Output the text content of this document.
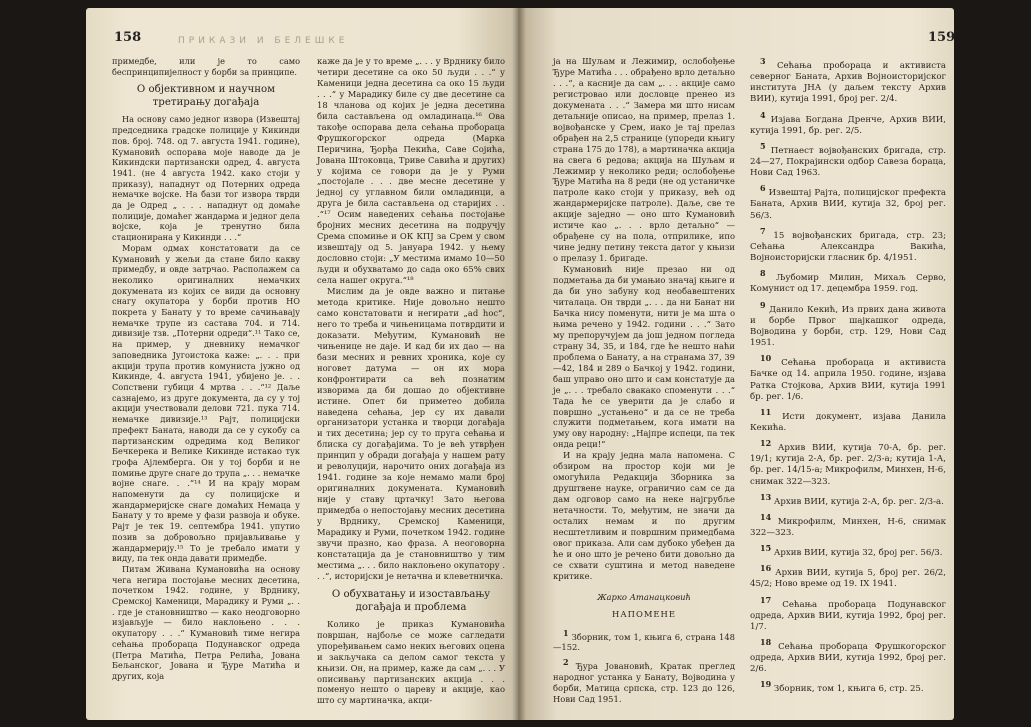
158	ПРИКАЗИ И БЕЛЕШКЕ	159

примедбе, или је то само беспринципијелност у борби за принципе.

О објективном и научном третирању догађаја

На основу само једног извора (Извештај председника градске полиције у Кикинди пов. број. 748. од 7. августа 1941. године), Кумановић оспорава моје наводе да је Кикиндски партизански одред, 4. августа 1941. (не 4 августа 1942. како стоји у приказу), нападнут од Потерних одреда немачке војске. На бази тог извора тврди да је Одред „ . . . нападнут од домаће полиције, домаћег жандарма и једног дела војске, која је тренутно била стационирана у Кикинди . . .“

Морам одмах констатовати да се Кумановић у жељи да стане било какву примедбу, и овде затрчао. Располажем са неколико оригиналних немачких докумената из којих се види да основну снагу окупатора у борби против НО покрета у Банату у то време сачињавају немачке трупе из састава 704. и 714. дивизије тзв. „Потерни одреди“.¹¹ Тако се, на пример, у дневнику немачког заповедника Југоистока каже: „. . . при акцији трупа против комуниста јужно од Кикинде, 4. августа 1941, убијено је. . . Сопствени губици 4 мртва . . .“¹² Даље сазнајемо, из друге документа, да су у тој акцији учествовали делови 721. пука 714. немачке дивизије.¹³ Рајт, полицијски префект Баната, наводи да се у сукобу са партизанским одредима код Великог Бечкерека и Велике Кикинде истакао тук грофа Ајлемберга. Он у тој борби и не помиње друге снаге до трупа „. . . немачке војне снаге. . .“¹⁴ И на крају морам напоменути да су полицијске и жандармеријске снаге домаћих Немаца у Банату у то време у фази развоја и обуке. Рајт је тек 19. септембра 1941. упутио позив за добровољно пријављивање у жандармерију.¹⁵ То је требало имати у виду, па тек онда давати примедбе.

Питам Живана Кумановића на основу чега негира постојање месних десетина, почетком 1942. године, у Врднику, Сремској Каменици, Марадику и Руми „. . . где је становништво — како неодговорно изјављује — било наклоњено . . . окупатору . . .“ Кумановић тиме негира сећања пробораца Подунавског одреда (Петра Матића, Петра Релића, Јована Бељанског, Јована и Ђуре Матића и других, која

каже да је у то време „. . . у Врднику било четири десетине са око 50 људи . . .“ у Каменици једна десетина са око 15 људи . . .“ у Марадику биле су две десетине са 18 чланова од којих је једна десетина била састављена од омладинаца.¹⁶ Ова такође оспорава дела сећања пробораца Фрушкогорског одреда (Марка Перичина, Ђорђа Пекића, Саве Сојића, Јована Штоковца, Триве Савића и других) у којима се говори да је у Руми „постојале . . . две месне десетине у једној су углавном били омладинци, а друга је била састављена од старијих . . .“¹⁷ Осим наведених сећања постојање бројних месних десетина на подручју Срема спомиње и ОК КПЈ за Срем у свом извештају од 5. јануара 1942. у њему дословно стоји: „У местима имамо 10—50 људи и обухватамо до сада око 65% свих села нашег округа.“¹⁸

Мислим да је овде важно и питање метода критике. Није довољно нешто само констатовати и негирати „ad hoc“, него то треба и чињеницама потврдити и доказати. Међутим, Кумановић не чињенице не даје. И кад би их дао — на бази месних и ревних хроника, које су ноговет датума — он их мора конфронтирати са већ познатим изворима да би дошао до објективне истине. Опет би приметео добила наведена сећања, јер су их давали организатори устанка и творци догађаја и тих десетина; јер су то пруга сећања и блиска су догађајима. То је већ утврђен принцип у обради догађаја у нашем рату и револуцији, нарочито оних догађаја из 1941. године за које немамо мали број оригиналних докумената. Кумановић није у ставу цртачку! Зато његова примедба о непостојању месних десетина у Врднику, Сремској Каменици, Марадику и Руми, почетком 1942. године звучи празно, као фраза. А неоговорна констатација да је становништво у тим местима „. . . било наклоњено окупатору . . .“, историјски је нетачна и клеветничка.

О обухватању и изостављању догађаја и проблема

Колико је приказ Кумановића површан, најбоље се може сагледати упоређивањем само неких његових оцена и закључака са делом самог текста у књизи. Он, на пример, каже да сам „. . . У описивању партизанских акција . . . поменуо нешто о цареву и акције, као што су мартиначка, акци-

ја на Шуљам и Лежимир, ослобођење Ђуре Матића . . . обрађено врло детаљно . . .“, а касније да сам „. . . акције само регистровао или дословце пренео из докумената . . .“ Замера ми што нисам детаљније описао, на пример, прелаз 1. војвођанске у Срем, иако је тај прелаз обрађен на 2,5 странице (упореди књигу страна 175 до 178), а мартиначка акција на свега 6 редова; акција на Шуљам и Лежимир у неколико реди; ослобођење Ђуре Матића на 8 реди (не од устаничке патроле како стоји у приказу, већ од жандармеријске патроле). Даље, све те акције заједно — оно што Кумановић истиче као „. . . врло детаљно“ — обрађене су на пола, отприлике, ипо чине једну петину текста датог у књизи о прелазу 1. бригаде.

Кумановић није презао ни од подметања да би умањио значај књиге и да би уно забуну код необавештених читалаца. Он тврди „. . . да ни Банат ни Бачка нису поменути, нити је ма шта о њима речено у 1942. години . . .“ Зато му препоручујем да још једном погледа страну 34, 35, и 184, где ће нешто наћи проблема о Банату, а на странама 37, 39—42, 184 и 289 о Бачкој у 1942. години, баш управо оно што и сам констатује да је „. . . требало свакако споменути . . .“ Тада ће се уверити да је слабо и површно „устањено“ и да се не треба служити подметањем, кога имати на уму ову народну: „Најпре испеци, па тек онда реци!“

И на крају једна мала напомена. С обзиром на простор који ми је омогућила Редакција Зборника за друштвене науке, ограничио сам се да дам одговор само на неке најгрубље нетачности. То, међутим, не значи да осталих немам и по другим несштетливим и површним примедбама овог приказа. Али сам дубоко убеђен да ће и оно што је речено бити довољно да се схвати суштина и метод наведене критике.

Жарко Атанацковић
НАПОМЕНЕ

1 Зборник, том 1, књига 6, страна 148—152.

2 Ђура Јовановић, Кратак преглед народног устанка у Банату, Војводина у борби, Матица српска, стр. 123 до 126, Нови Сад 1951.

3 Сећања пробораца и активиста северног Баната, Архив Војноисторијског института ЈНА (у даљем тексту Архив ВИИ), кутија 1991, број рег. 2/4.

4 Изјава Богдана Дренче, Архив ВИИ, кутија 1991, бр. рег. 2/5.

5 Петнаест војвођанских бригада, стр. 24—27, Покрајински одбор Савеза бораца, Нови Сад 1963.

6 Извештај Рајта, полицијског префекта Баната, Архив ВИИ, кутија 32, број рег. 56/3.

7 15 војвођанских бригада, стр. 23; Сећања Александра Вакића, Војноисторијски гласник бр. 4/1951.

8 Љубомир Милин, Михаљ Серво, Комунист од 17. децембра 1959. год.

9 Данило Кекић, Из првих дана живота и борбе Првог шајкашког одреда, Војводина у борби, стр. 129, Нови Сад 1951.

10 Сећања пробораца и активиста Бачке од 14. априла 1950. године, изјава Ратка Стојкова, Архив ВИИ, кутија 1991 бр. рег. 1/6.

11 Исти документ, изјава Данила Кекића.

12 Архив ВИИ, кутија 70-А, бр. рег. 19/1; кутија 2-А, бр. рег. 2/3-а; кутија 1-А, бр. рег. 14/15-а; Микрофилм, Минхен, Н-6, снимак 322—323.

13 Архив ВИИ, кутија 2-А, бр. рег. 2/3-а.

14 Микрофилм, Минхен, Н-6, снимак 322—323.

15 Архив ВИИ, кутија 32, број рег. 56/3.

16 Архив ВИИ, кутија 5, број рег. 26/2, 45/2; Ново време од 19. IX 1941.

17 Сећања пробораца Подунавског одреда, Архив ВИИ, кутија 1992, број рег. 1/7.

18 Сећања пробораца Фрушкогорског одреда, Архив ВИИ, кутија 1992, број рег. 2/6.

19 Зборник, том 1, књига 6, стр. 25.
